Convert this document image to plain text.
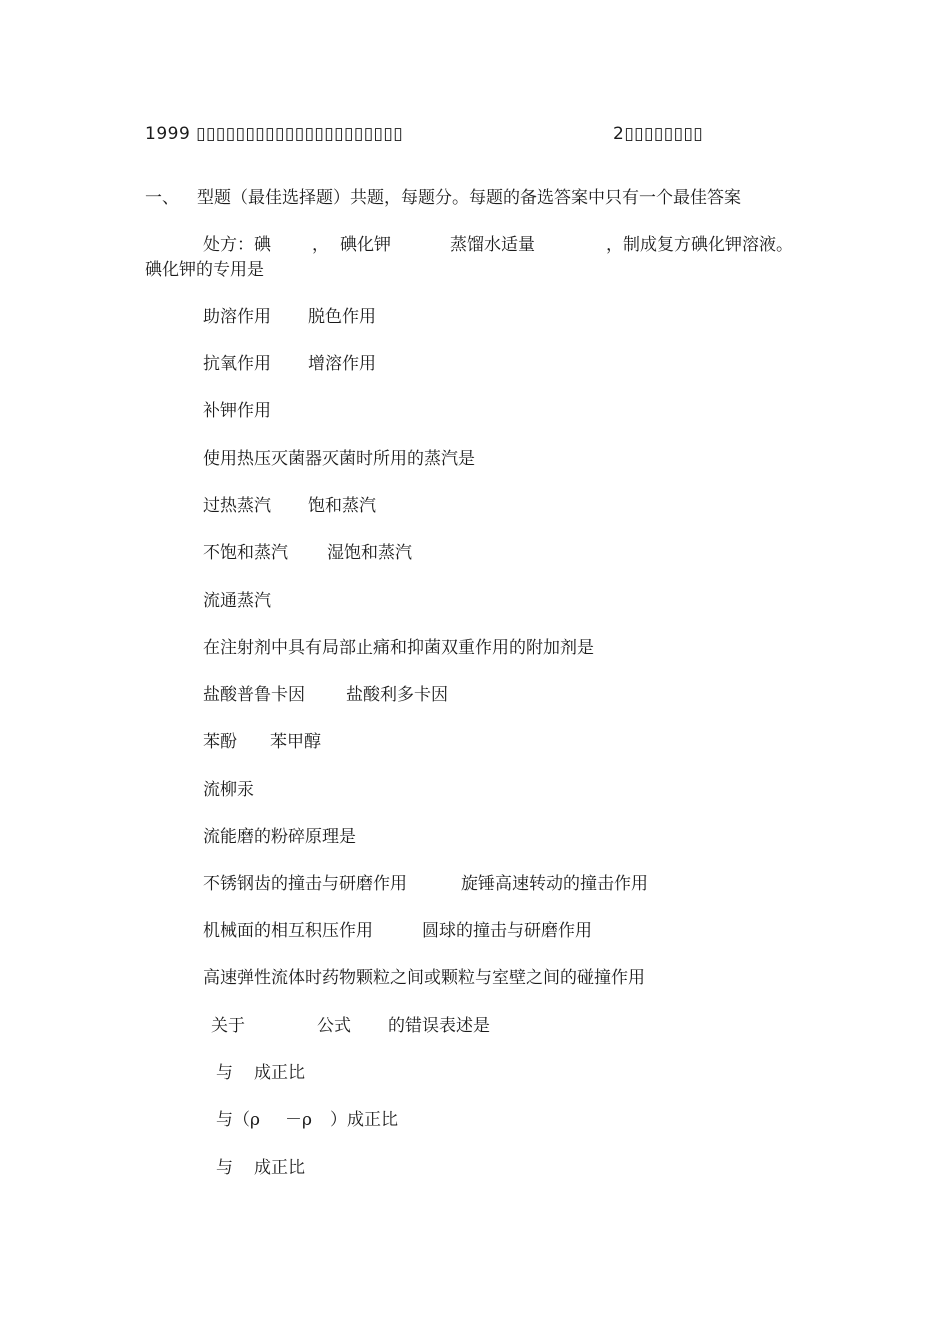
1999 ▯▯▯▯▯▯▯▯▯▯▯▯▯▯▯▯▯▯▯▯▯	2▯▯▯▯▯▯▯▯
一、 型题（最佳选择题）共题，每题分。每题的备选答案中只有一个最佳答案
处方：碘 ， 碘化钾	蒸馏水适量	，制成复方碘化钾溶液。
碘化钾的专用是
助溶作用 脱色作用
抗氧作用 增溶作用
补钾作用
使用热压灭菌器灭菌时所用的蒸汽是
过热蒸汽 饱和蒸汽
不饱和蒸汽 湿饱和蒸汽
流通蒸汽
在注射剂中具有局部止痛和抑菌双重作用的附加剂是
盐酸普鲁卡因 盐酸利多卡因
苯酚 苯甲醇
流柳汞
流能磨的粉碎原理是
不锈钢齿的撞击与研磨作用	旋锤高速转动的撞击作用
机械面的相互积压作用	圆球的撞击与研磨作用
高速弹性流体时药物颗粒之间或颗粒与室壁之间的碰撞作用
关于	公式 的错误表述是
与 成正比
与（ρ －ρ ）成正比
与 成正比
